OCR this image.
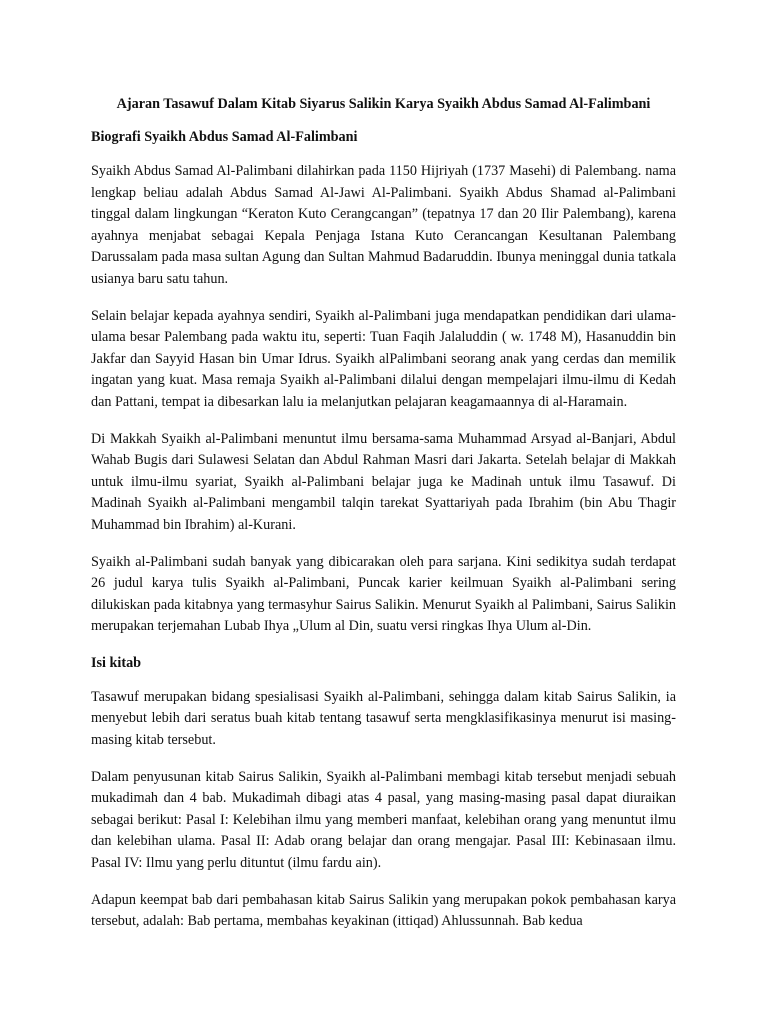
Ajaran Tasawuf Dalam Kitab Siyarus Salikin Karya Syaikh Abdus Samad Al-Falimbani
Biografi Syaikh Abdus Samad Al-Falimbani

Syaikh Abdus Samad Al-Palimbani dilahirkan pada 1150 Hijriyah (1737 Masehi) di Palembang. nama lengkap beliau adalah Abdus Samad Al-Jawi Al-Palimbani. Syaikh Abdus Shamad al-Palimbani tinggal dalam lingkungan “Keraton Kuto Cerangcangan” (tepatnya 17 dan 20 Ilir Palembang), karena ayahnya menjabat sebagai Kepala Penjaga Istana Kuto Cerancangan Kesultanan Palembang Darussalam pada masa sultan Agung dan Sultan Mahmud Badaruddin. Ibunya meninggal dunia tatkala usianya baru satu tahun.

Selain belajar kepada ayahnya sendiri, Syaikh al-Palimbani juga mendapatkan pendidikan dari ulama-ulama besar Palembang pada waktu itu, seperti: Tuan Faqih Jalaluddin ( w. 1748 M), Hasanuddin bin Jakfar dan Sayyid Hasan bin Umar Idrus. Syaikh alPalimbani seorang anak yang cerdas dan memilik ingatan yang kuat. Masa remaja Syaikh al-Palimbani dilalui dengan mempelajari ilmu-ilmu di Kedah dan Pattani, tempat ia dibesarkan lalu ia melanjutkan pelajaran keagamaannya di al-Haramain.

Di Makkah Syaikh al-Palimbani menuntut ilmu bersama-sama Muhammad Arsyad al-Banjari, Abdul Wahab Bugis dari Sulawesi Selatan dan Abdul Rahman Masri dari Jakarta. Setelah belajar di Makkah untuk ilmu-ilmu syariat, Syaikh al-Palimbani belajar juga ke Madinah untuk ilmu Tasawuf. Di Madinah Syaikh al-Palimbani mengambil talqin tarekat Syattariyah pada Ibrahim (bin Abu Thagir Muhammad bin Ibrahim) al-Kurani.

Syaikh al-Palimbani sudah banyak yang dibicarakan oleh para sarjana. Kini sedikitya sudah terdapat 26 judul karya tulis Syaikh al-Palimbani, Puncak karier keilmuan Syaikh al-Palimbani sering dilukiskan pada kitabnya yang termasyhur Sairus Salikin. Menurut Syaikh al Palimbani, Sairus Salikin merupakan terjemahan Lubab Ihya „Ulum al Din, suatu versi ringkas Ihya Ulum al-Din.

Isi kitab

Tasawuf merupakan bidang spesialisasi Syaikh al-Palimbani, sehingga dalam kitab Sairus Salikin, ia menyebut lebih dari seratus buah kitab tentang tasawuf serta mengklasifikasinya menurut isi masing-masing kitab tersebut.

Dalam penyusunan kitab Sairus Salikin, Syaikh al-Palimbani membagi kitab tersebut menjadi sebuah mukadimah dan 4 bab. Mukadimah dibagi atas 4 pasal, yang masing-masing pasal dapat diuraikan sebagai berikut: Pasal I: Kelebihan ilmu yang memberi manfaat, kelebihan orang yang menuntut ilmu dan kelebihan ulama. Pasal II: Adab orang belajar dan orang mengajar. Pasal III: Kebinasaan ilmu. Pasal IV: Ilmu yang perlu dituntut (ilmu fardu ain).

Adapun keempat bab dari pembahasan kitab Sairus Salikin yang merupakan pokok pembahasan karya tersebut, adalah: Bab pertama, membahas keyakinan (ittiqad) Ahlussunnah. Bab kedua
